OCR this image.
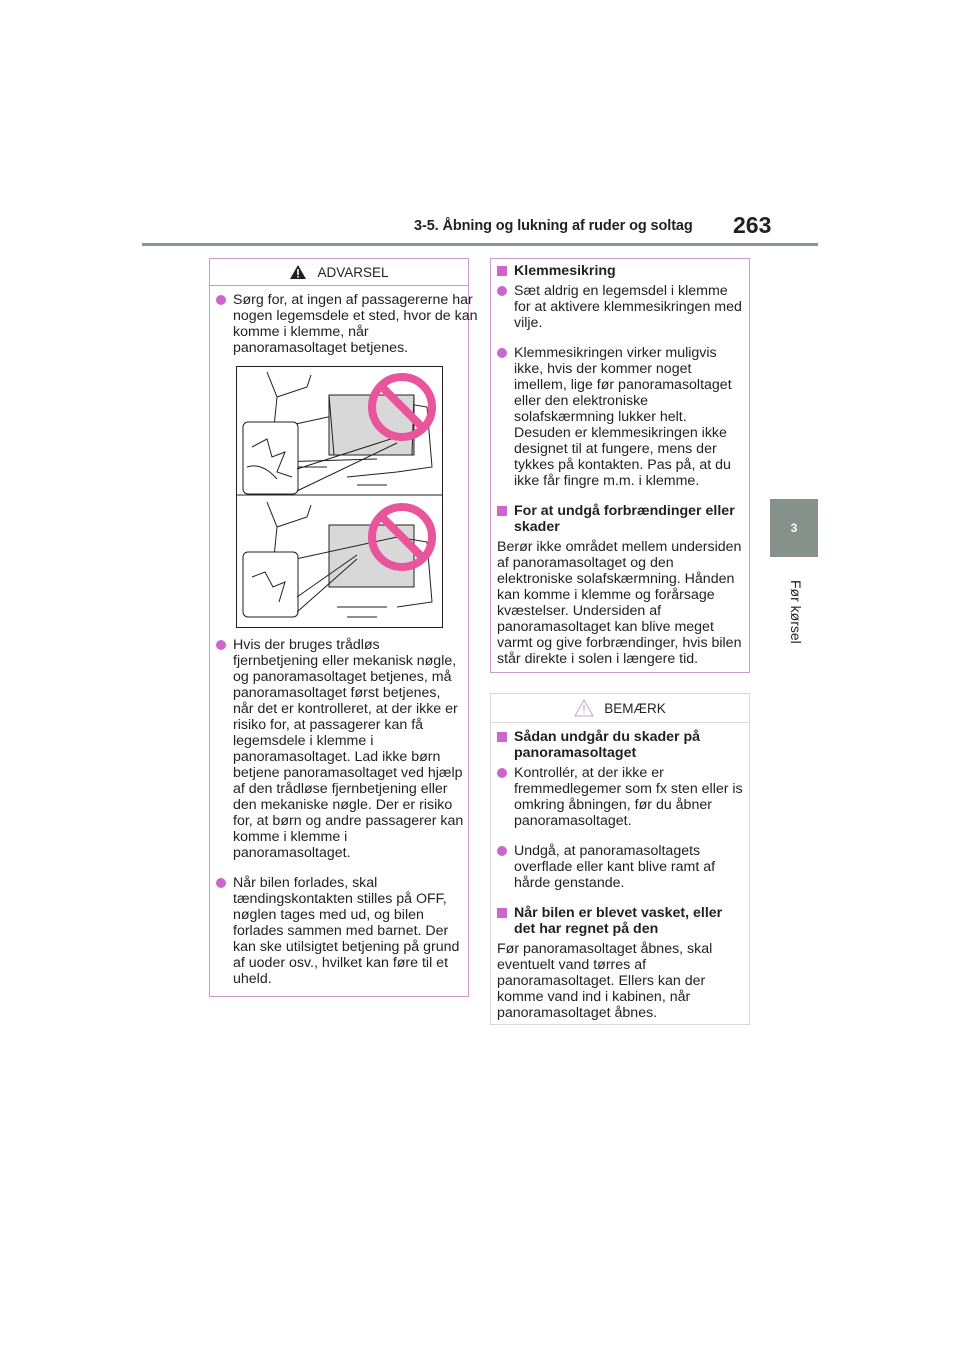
3-5. Åbning og lukning af ruder og soltag 263
3
Før kørsel
ADVARSEL

Sørg for, at ingen af passagererne har nogen legemsdele et sted, hvor de kan komme i klemme, når panoramasoltaget betjenes.

Hvis der bruges trådløs fjernbetjening eller mekanisk nøgle, og panoramasoltaget betjenes, må panoramasoltaget først betjenes, når det er kontrolleret, at der ikke er risiko for, at passagerer kan få legemsdele i klemme i panoramasoltaget. Lad ikke børn betjene panoramasoltaget ved hjælp af den trådløse fjernbetjening eller den mekaniske nøgle. Der er risiko for, at børn og andre passagerer kan komme i klemme i panoramasoltaget.

Når bilen forlades, skal tændingskontakten stilles på OFF, nøglen tages med ud, og bilen forlades sammen med barnet. Der kan ske utilsigtet betjening på grund af uoder osv., hvilket kan føre til et uheld.

Klemmesikring

Sæt aldrig en legemsdel i klemme for at aktivere klemmesikringen med vilje.

Klemmesikringen virker muligvis ikke, hvis der kommer noget imellem, lige før panoramasoltaget eller den elektroniske solafskærmning lukker helt. Desuden er klemmesikringen ikke designet til at fungere, mens der tykkes på kontakten. Pas på, at du ikke får fingre m.m. i klemme.

For at undgå forbrændinger eller skader

Berør ikke området mellem undersiden af panoramasoltaget og den elektroniske solafskærmning. Hånden kan komme i klemme og forårsage kvæstelser. Undersiden af panoramasoltaget kan blive meget varmt og give forbrændinger, hvis bilen står direkte i solen i længere tid.

BEMÆRK

Sådan undgår du skader på panoramasoltaget

Kontrollér, at der ikke er fremmedlegemer som fx sten eller is omkring åbningen, før du åbner panoramasoltaget.

Undgå, at panoramasoltagets overflade eller kant blive ramt af hårde genstande.

Når bilen er blevet vasket, eller det har regnet på den

Før panoramasoltaget åbnes, skal eventuelt vand tørres af panoramasoltaget. Ellers kan der komme vand ind i kabinen, når panoramasoltaget åbnes.
